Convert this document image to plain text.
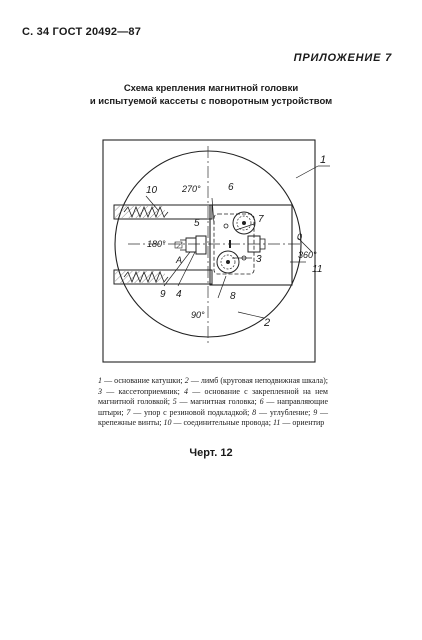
С. 34 ГОСТ 20492—87
ПРИЛОЖЕНИЕ 7
Схема крепления магнитной головки
и испытуемой кассеты с поворотным устройством
1
2
3
4
5
6
7
8
9
10
11
0
90°
180°
270°
360°
A
1 — основание катушки; 2 — лимб (круговая неподвижная шкала); 3 — кассетоприемник; 4 — основание с закрепленной на нем магнитной головкой; 5 — магнитная головка; 6 — направляющие штыри; 7 — упор с резиновой подкладкой; 8 — углубление; 9 — крепежные винты; 10 — соединительные провода; 11 — ориентир
Черт. 12
